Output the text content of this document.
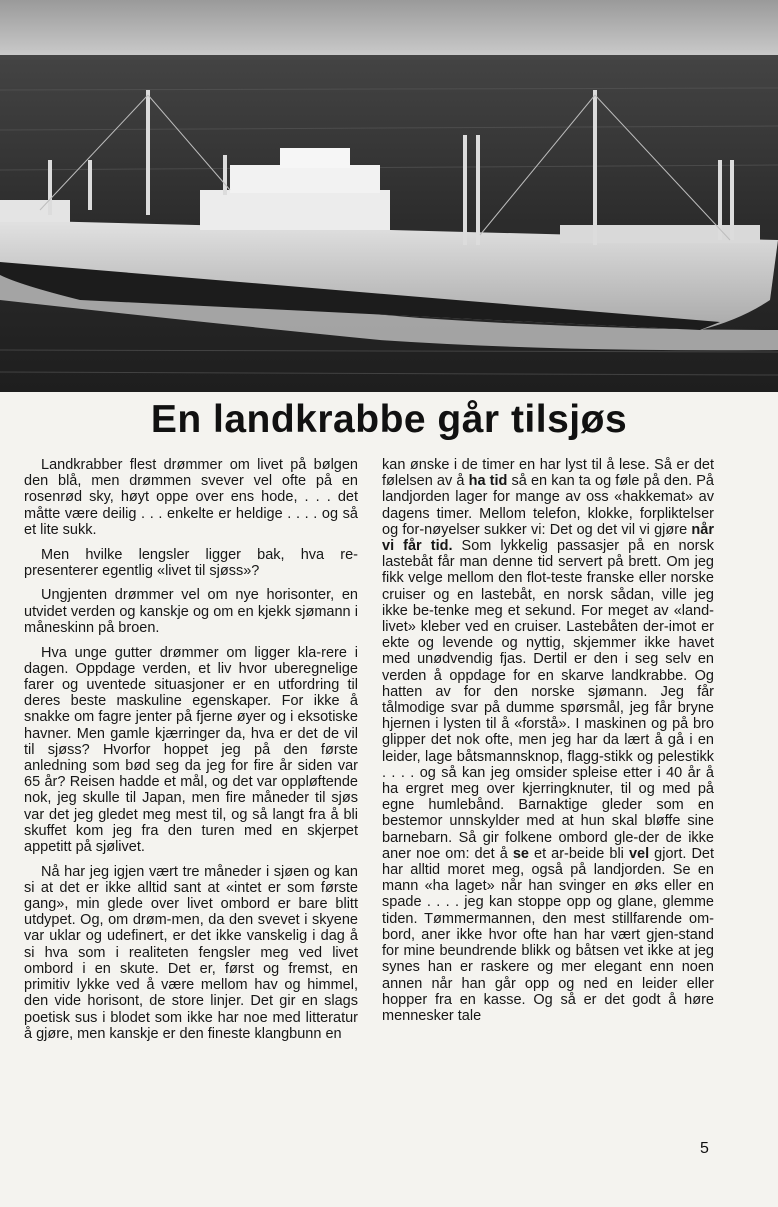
En landkrabbe går tilsjøs

Landkrabber flest drømmer om livet på bølgen den blå, men drømmen svever vel ofte på en rosenrød sky, høyt oppe over ens hode, . . . det måtte være deilig . . . enkelte er heldige . . . . og så et lite sukk.

Men hvilke lengsler ligger bak, hva re-presenterer egentlig «livet til sjøss»?

Ungjenten drømmer vel om nye horisonter, en utvidet verden og kanskje og om en kjekk sjømann i måneskinn på broen.

Hva unge gutter drømmer om ligger kla-rere i dagen. Oppdage verden, et liv hvor uberegnelige farer og uventede situasjoner er en utfordring til deres beste maskuline egenskaper. For ikke å snakke om fagre jenter på fjerne øyer og i eksotiske havner. Men gamle kjærringer da, hva er det de vil til sjøss? Hvorfor hoppet jeg på den første anledning som bød seg da jeg for fire år siden var 65 år? Reisen hadde et mål, og det var oppløftende nok, jeg skulle til Japan, men fire måneder til sjøs var det jeg gledet meg mest til, og så langt fra å bli skuffet kom jeg fra den turen med en skjerpet appetitt på sjølivet.

Nå har jeg igjen vært tre måneder i sjøen og kan si at det er ikke alltid sant at «intet er som første gang», min glede over livet ombord er bare blitt utdypet. Og, om drøm-men, da den svevet i skyene var uklar og udefinert, er det ikke vanskelig i dag å si hva som i realiteten fengsler meg ved livet ombord i en skute. Det er, først og fremst, en primitiv lykke ved å være mellom hav og himmel, den vide horisont, de store linjer. Det gir en slags poetisk sus i blodet som ikke har noe med litteratur å gjøre, men kanskje er den fineste klangbunn en

kan ønske i de timer en har lyst til å lese. Så er det følelsen av å ha tid så en kan ta og føle på den. På landjorden lager for mange av oss «hakkemat» av dagens timer. Mellom telefon, klokke, forpliktelser og for-nøyelser sukker vi: Det og det vil vi gjøre når vi får tid. Som lykkelig passasjer på en norsk lastebåt får man denne tid servert på brett. Om jeg fikk velge mellom den flot-teste franske eller norske cruiser og en lastebåt, en norsk sådan, ville jeg ikke be-tenke meg et sekund. For meget av «land-livet» kleber ved en cruiser. Lastebåten der-imot er ekte og levende og nyttig, skjemmer ikke havet med unødvendig fjas. Dertil er den i seg selv en verden å oppdage for en skarve landkrabbe. Og hatten av for den norske sjømann. Jeg får tålmodige svar på dumme spørsmål, jeg får bryne hjernen i lysten til å «forstå». I maskinen og på bro glipper det nok ofte, men jeg har da lært å gå i en leider, lage båtsmannsknop, flagg-stikk og pelestikk . . . . og så kan jeg omsider spleise etter i 40 år å ha ergret meg over kjerringknuter, til og med på egne humlebånd. Barnaktige gleder som en bestemor unnskylder med at hun skal bløffe sine barnebarn. Så gir folkene ombord gle-der de ikke aner noe om: det å se et ar-beide bli vel gjort. Det har alltid moret meg, også på landjorden. Se en mann «ha laget» når han svinger en øks eller en spade . . . . jeg kan stoppe opp og glane, glemme tiden. Tømmermannen, den mest stillfarende om-bord, aner ikke hvor ofte han har vært gjen-stand for mine beundrende blikk og båtsen vet ikke at jeg synes han er raskere og mer elegant enn noen annen når han går opp og ned en leider eller hopper fra en kasse. Og så er det godt å høre mennesker tale

5
